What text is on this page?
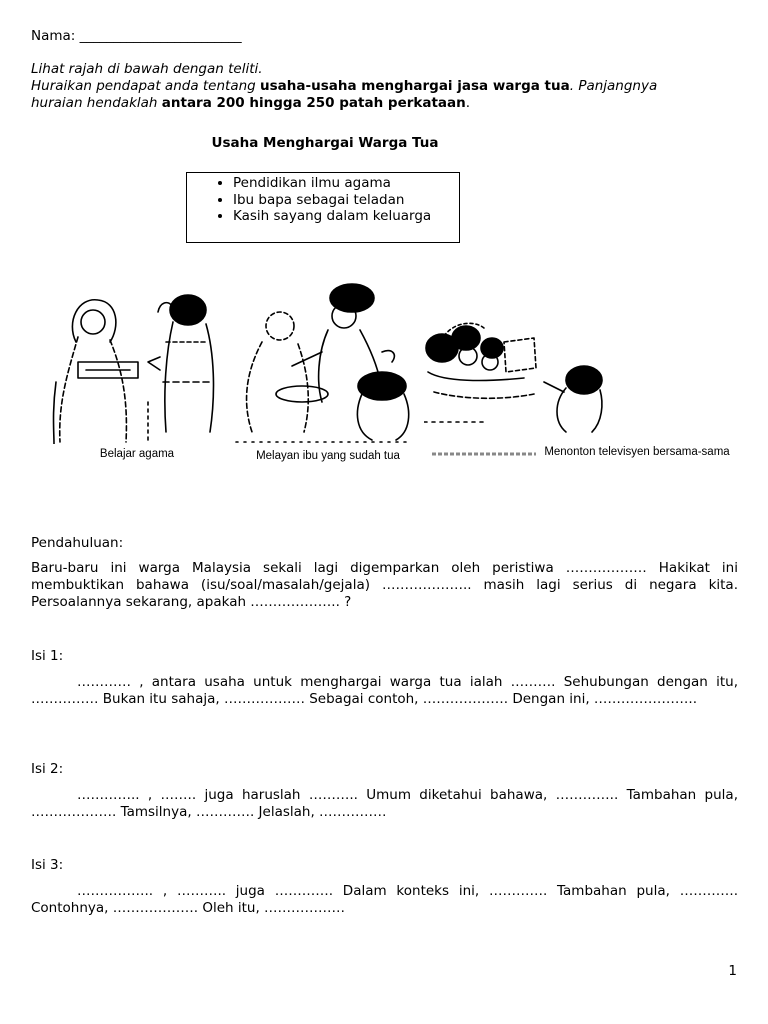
Nama: ________________________
Lihat rajah di bawah dengan teliti.
Huraikan pendapat anda tentang usaha-usaha menghargai jasa warga tua. Panjangnya
huraian hendaklah antara 200 hingga 250 patah perkataan.
Usaha Menghargai Warga Tua
• Pendidikan ilmu agama
• Ibu bapa sebagai teladan
• Kasih sayang dalam keluarga
Belajar agama	Melayan ibu yang sudah tua	Menonton televisyen bersama-sama
Pendahuluan:
Baru-baru ini warga Malaysia sekali lagi digemparkan oleh peristiwa ……………… Hakikat ini membuktikan bahawa (isu/soal/masalah/gejala) ……………….. masih lagi serius di negara kita. Persoalannya sekarang, apakah ……………….. ?
Isi 1:
………… , antara usaha untuk menghargai warga tua ialah ………. Sehubungan dengan itu, …………… Bukan itu sahaja, ……………… Sebagai contoh, ………………. Dengan ini, …………………..
Isi 2:
………….. , …….. juga haruslah ……….. Umum diketahui bahawa, ………….. Tambahan pula, ………………. Tamsilnya, …………. Jelaslah, ……………
Isi 3:
…………….. , ……….. juga …………. Dalam konteks ini, …………. Tambahan pula, …………. Contohnya, ………………. Oleh itu, ………………
1
